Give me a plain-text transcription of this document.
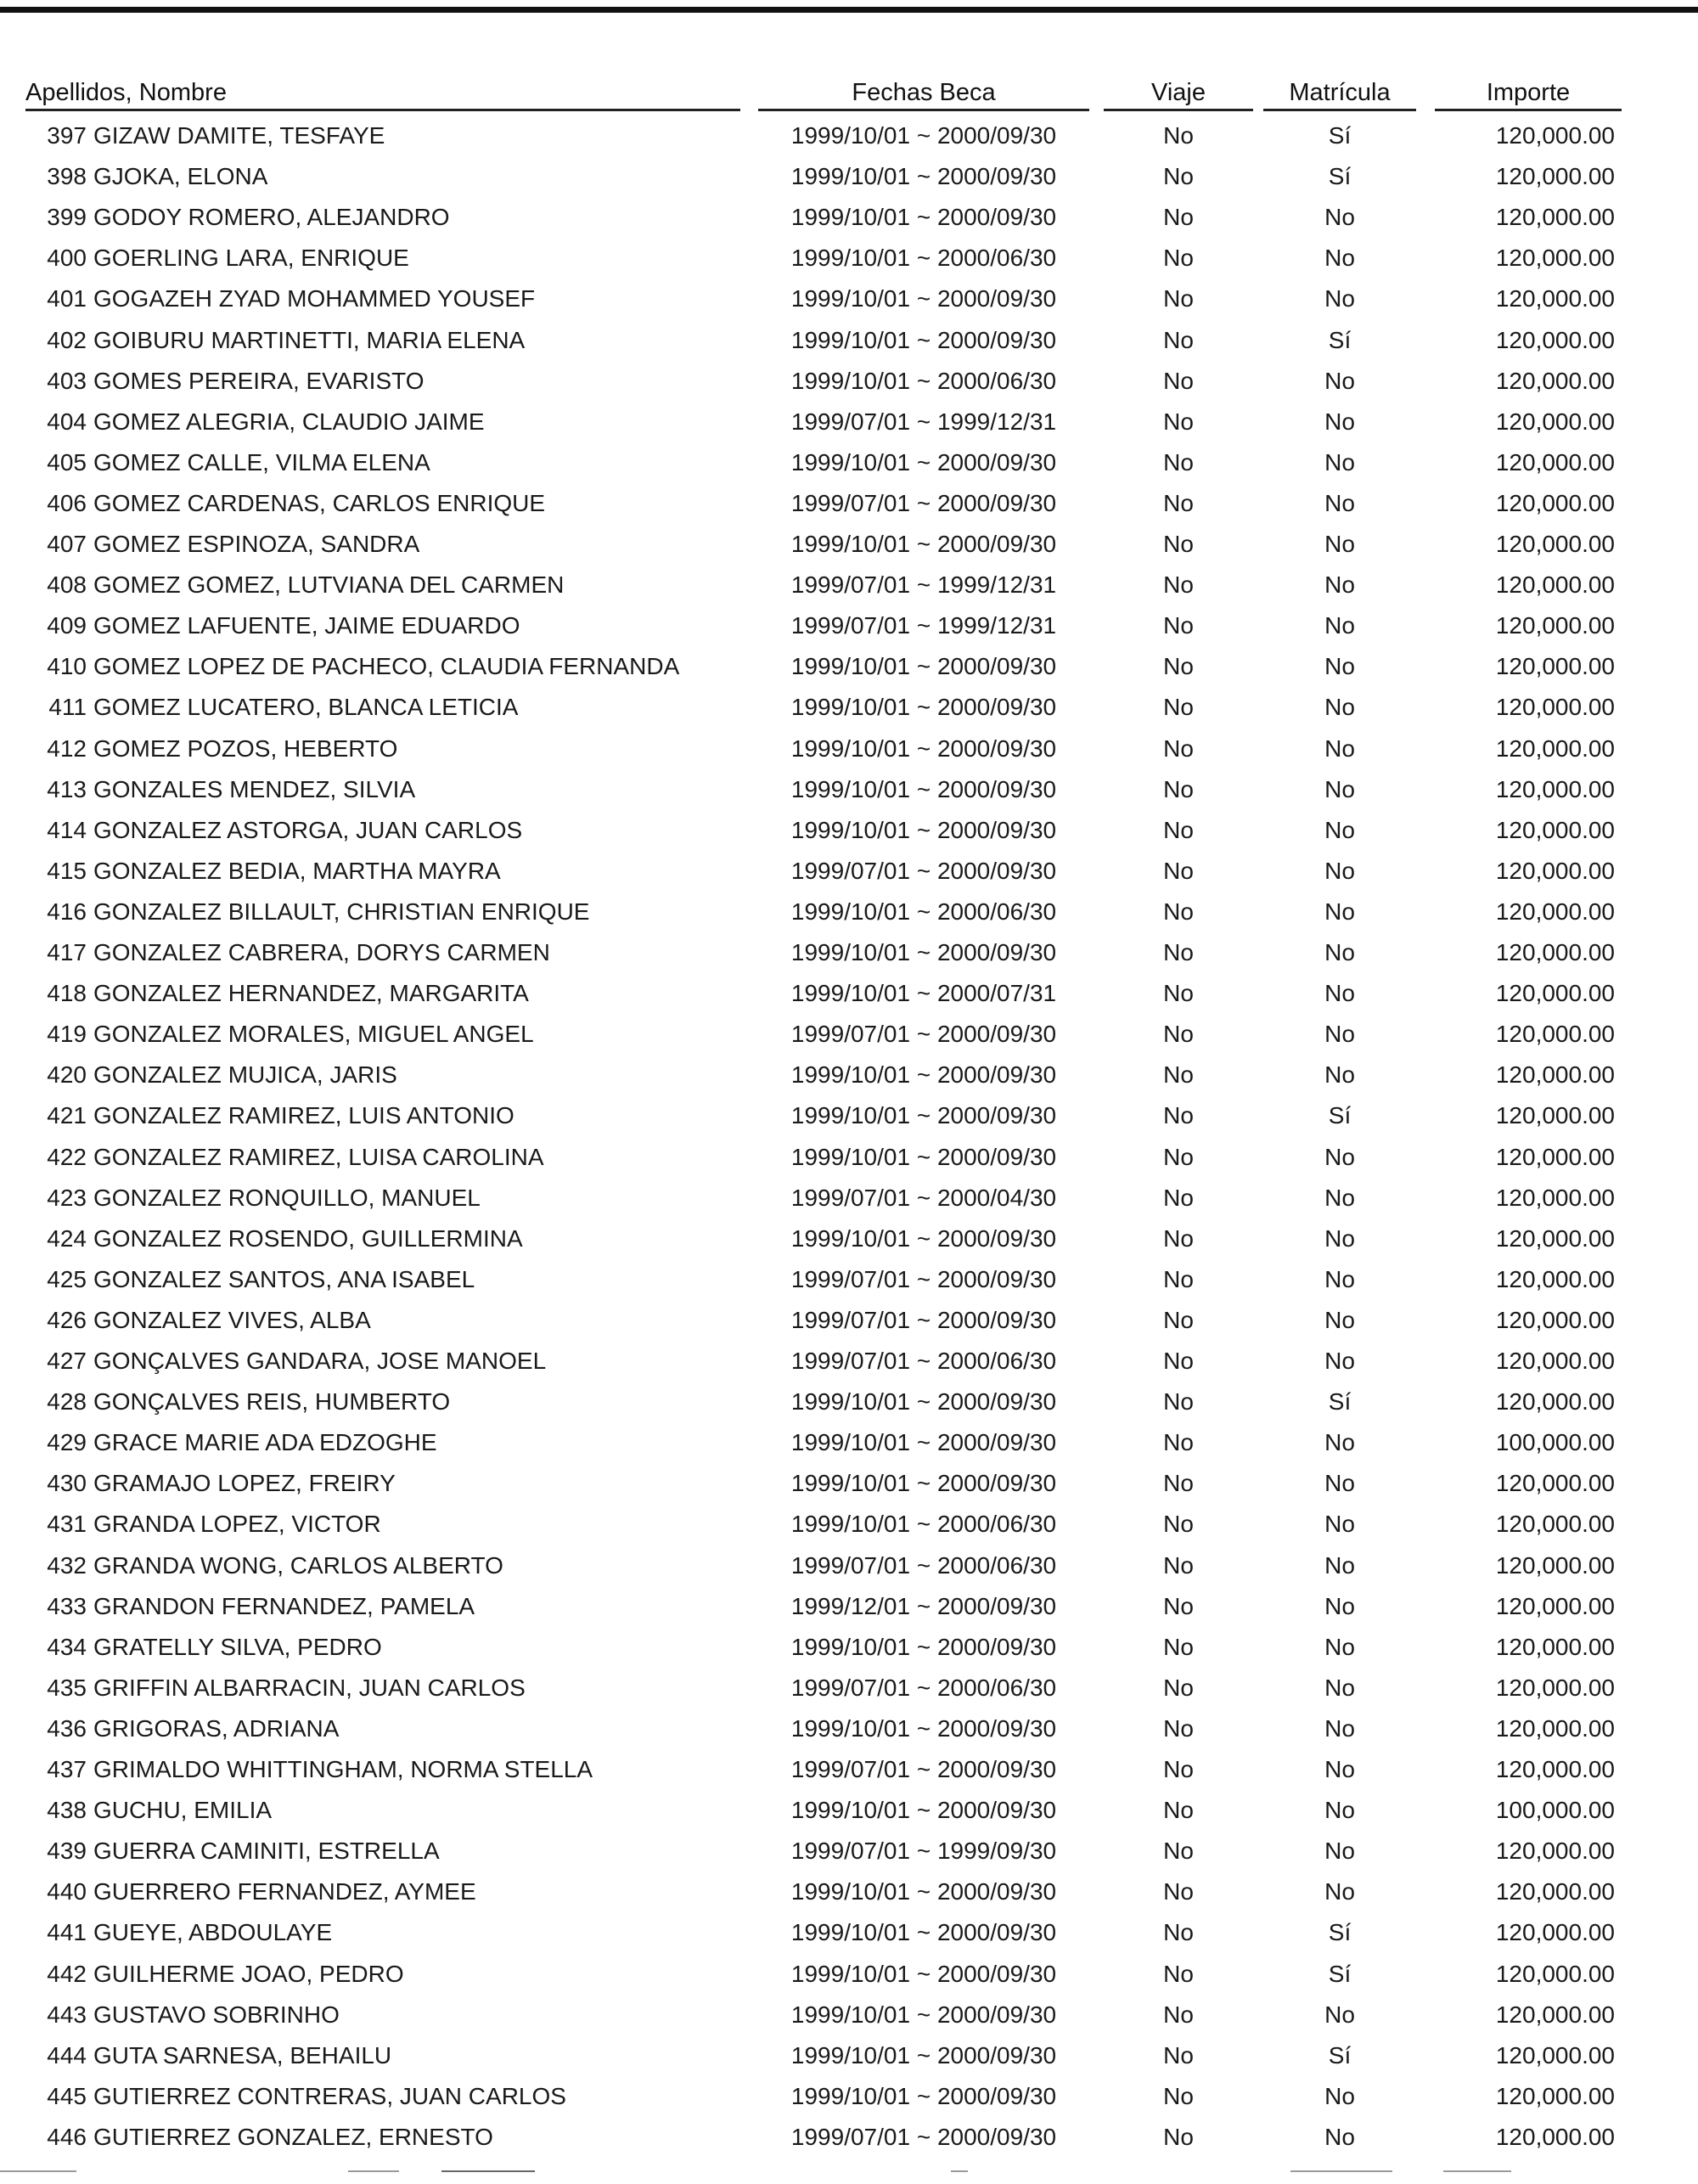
Apellidos, Nombre	Fechas Beca	Viaje	Matrícula	Importe
397 GIZAW DAMITE, TESFAYE	1999/10/01 ~ 2000/09/30	No	Sí	120,000.00
398 GJOKA, ELONA	1999/10/01 ~ 2000/09/30	No	Sí	120,000.00
399 GODOY ROMERO, ALEJANDRO	1999/10/01 ~ 2000/09/30	No	No	120,000.00
400 GOERLING LARA, ENRIQUE	1999/10/01 ~ 2000/06/30	No	No	120,000.00
401 GOGAZEH ZYAD MOHAMMED YOUSEF	1999/10/01 ~ 2000/09/30	No	No	120,000.00
402 GOIBURU MARTINETTI, MARIA ELENA	1999/10/01 ~ 2000/09/30	No	Sí	120,000.00
403 GOMES PEREIRA, EVARISTO	1999/10/01 ~ 2000/06/30	No	No	120,000.00
404 GOMEZ ALEGRIA, CLAUDIO JAIME	1999/07/01 ~ 1999/12/31	No	No	120,000.00
405 GOMEZ CALLE, VILMA ELENA	1999/10/01 ~ 2000/09/30	No	No	120,000.00
406 GOMEZ CARDENAS, CARLOS ENRIQUE	1999/07/01 ~ 2000/09/30	No	No	120,000.00
407 GOMEZ ESPINOZA, SANDRA	1999/10/01 ~ 2000/09/30	No	No	120,000.00
408 GOMEZ GOMEZ, LUTVIANA DEL CARMEN	1999/07/01 ~ 1999/12/31	No	No	120,000.00
409 GOMEZ LAFUENTE, JAIME EDUARDO	1999/07/01 ~ 1999/12/31	No	No	120,000.00
410 GOMEZ LOPEZ DE PACHECO, CLAUDIA FERNANDA	1999/10/01 ~ 2000/09/30	No	No	120,000.00
411 GOMEZ LUCATERO, BLANCA LETICIA	1999/10/01 ~ 2000/09/30	No	No	120,000.00
412 GOMEZ POZOS, HEBERTO	1999/10/01 ~ 2000/09/30	No	No	120,000.00
413 GONZALES MENDEZ, SILVIA	1999/10/01 ~ 2000/09/30	No	No	120,000.00
414 GONZALEZ ASTORGA, JUAN CARLOS	1999/10/01 ~ 2000/09/30	No	No	120,000.00
415 GONZALEZ BEDIA, MARTHA MAYRA	1999/07/01 ~ 2000/09/30	No	No	120,000.00
416 GONZALEZ BILLAULT, CHRISTIAN ENRIQUE	1999/10/01 ~ 2000/06/30	No	No	120,000.00
417 GONZALEZ CABRERA, DORYS CARMEN	1999/10/01 ~ 2000/09/30	No	No	120,000.00
418 GONZALEZ HERNANDEZ, MARGARITA	1999/10/01 ~ 2000/07/31	No	No	120,000.00
419 GONZALEZ MORALES, MIGUEL ANGEL	1999/07/01 ~ 2000/09/30	No	No	120,000.00
420 GONZALEZ MUJICA, JARIS	1999/10/01 ~ 2000/09/30	No	No	120,000.00
421 GONZALEZ RAMIREZ, LUIS ANTONIO	1999/10/01 ~ 2000/09/30	No	Sí	120,000.00
422 GONZALEZ RAMIREZ, LUISA CAROLINA	1999/10/01 ~ 2000/09/30	No	No	120,000.00
423 GONZALEZ RONQUILLO, MANUEL	1999/07/01 ~ 2000/04/30	No	No	120,000.00
424 GONZALEZ ROSENDO, GUILLERMINA	1999/10/01 ~ 2000/09/30	No	No	120,000.00
425 GONZALEZ SANTOS, ANA ISABEL	1999/07/01 ~ 2000/09/30	No	No	120,000.00
426 GONZALEZ VIVES, ALBA	1999/07/01 ~ 2000/09/30	No	No	120,000.00
427 GONÇALVES GANDARA, JOSE MANOEL	1999/07/01 ~ 2000/06/30	No	No	120,000.00
428 GONÇALVES REIS, HUMBERTO	1999/10/01 ~ 2000/09/30	No	Sí	120,000.00
429 GRACE MARIE ADA EDZOGHE	1999/10/01 ~ 2000/09/30	No	No	100,000.00
430 GRAMAJO LOPEZ, FREIRY	1999/10/01 ~ 2000/09/30	No	No	120,000.00
431 GRANDA LOPEZ, VICTOR	1999/10/01 ~ 2000/06/30	No	No	120,000.00
432 GRANDA WONG, CARLOS ALBERTO	1999/07/01 ~ 2000/06/30	No	No	120,000.00
433 GRANDON FERNANDEZ, PAMELA	1999/12/01 ~ 2000/09/30	No	No	120,000.00
434 GRATELLY SILVA, PEDRO	1999/10/01 ~ 2000/09/30	No	No	120,000.00
435 GRIFFIN ALBARRACIN, JUAN CARLOS	1999/07/01 ~ 2000/06/30	No	No	120,000.00
436 GRIGORAS, ADRIANA	1999/10/01 ~ 2000/09/30	No	No	120,000.00
437 GRIMALDO WHITTINGHAM, NORMA STELLA	1999/07/01 ~ 2000/09/30	No	No	120,000.00
438 GUCHU, EMILIA	1999/10/01 ~ 2000/09/30	No	No	100,000.00
439 GUERRA CAMINITI, ESTRELLA	1999/07/01 ~ 1999/09/30	No	No	120,000.00
440 GUERRERO FERNANDEZ, AYMEE	1999/10/01 ~ 2000/09/30	No	No	120,000.00
441 GUEYE, ABDOULAYE	1999/10/01 ~ 2000/09/30	No	Sí	120,000.00
442 GUILHERME JOAO, PEDRO	1999/10/01 ~ 2000/09/30	No	Sí	120,000.00
443 GUSTAVO SOBRINHO	1999/10/01 ~ 2000/09/30	No	No	120,000.00
444 GUTA SARNESA, BEHAILU	1999/10/01 ~ 2000/09/30	No	Sí	120,000.00
445 GUTIERREZ CONTRERAS, JUAN CARLOS	1999/10/01 ~ 2000/09/30	No	No	120,000.00
446 GUTIERREZ GONZALEZ, ERNESTO	1999/07/01 ~ 2000/09/30	No	No	120,000.00
